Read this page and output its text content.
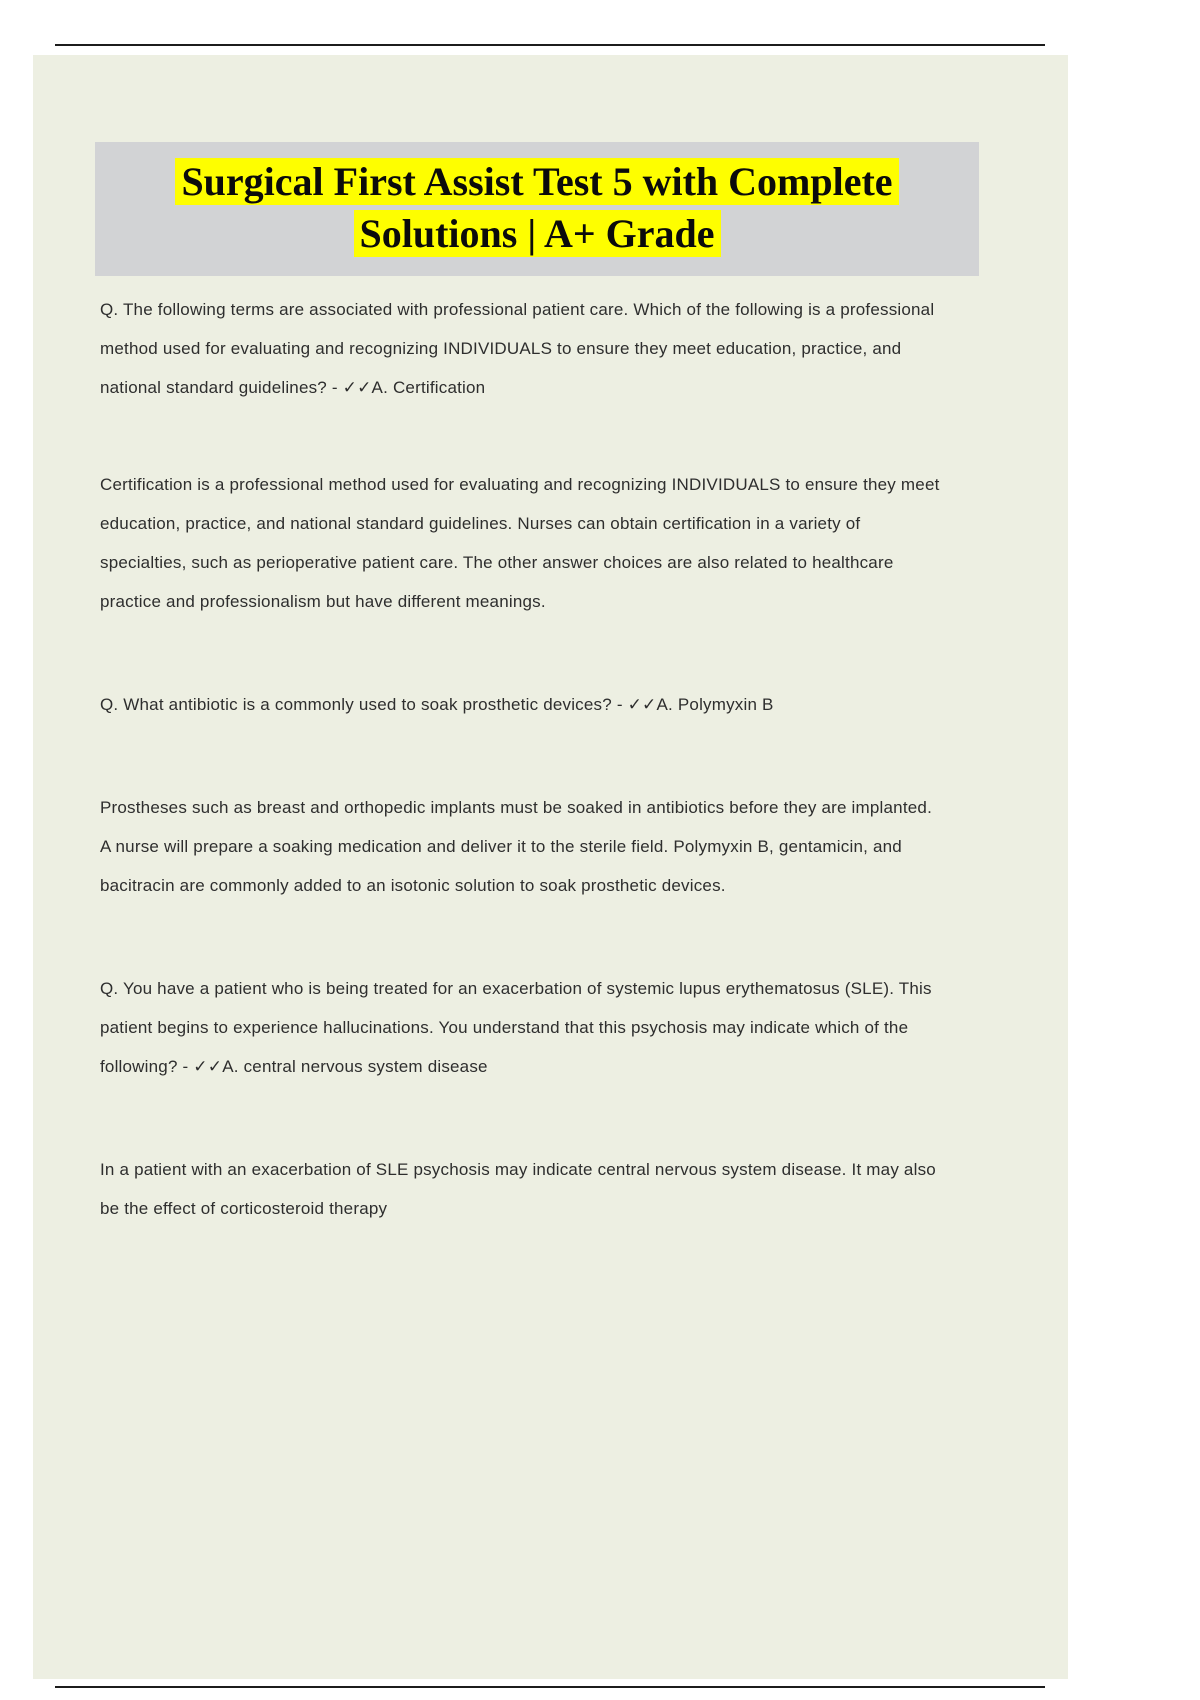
Surgical First Assist Test 5 with Complete
Solutions | A+ Grade

Q. The following terms are associated with professional patient care. Which of the following is a professional method used for evaluating and recognizing INDIVIDUALS to ensure they meet education, practice, and national standard guidelines? - ✓✓A. Certification

Certification is a professional method used for evaluating and recognizing INDIVIDUALS to ensure they meet education, practice, and national standard guidelines. Nurses can obtain certification in a variety of specialties, such as perioperative patient care. The other answer choices are also related to healthcare practice and professionalism but have different meanings.

Q. What antibiotic is a commonly used to soak prosthetic devices? - ✓✓A. Polymyxin B

Prostheses such as breast and orthopedic implants must be soaked in antibiotics before they are implanted. A nurse will prepare a soaking medication and deliver it to the sterile field. Polymyxin B, gentamicin, and bacitracin are commonly added to an isotonic solution to soak prosthetic devices.

Q. You have a patient who is being treated for an exacerbation of systemic lupus erythematosus (SLE). This patient begins to experience hallucinations. You understand that this psychosis may indicate which of the following? - ✓✓A. central nervous system disease

In a patient with an exacerbation of SLE psychosis may indicate central nervous system disease. It may also be the effect of corticosteroid therapy
